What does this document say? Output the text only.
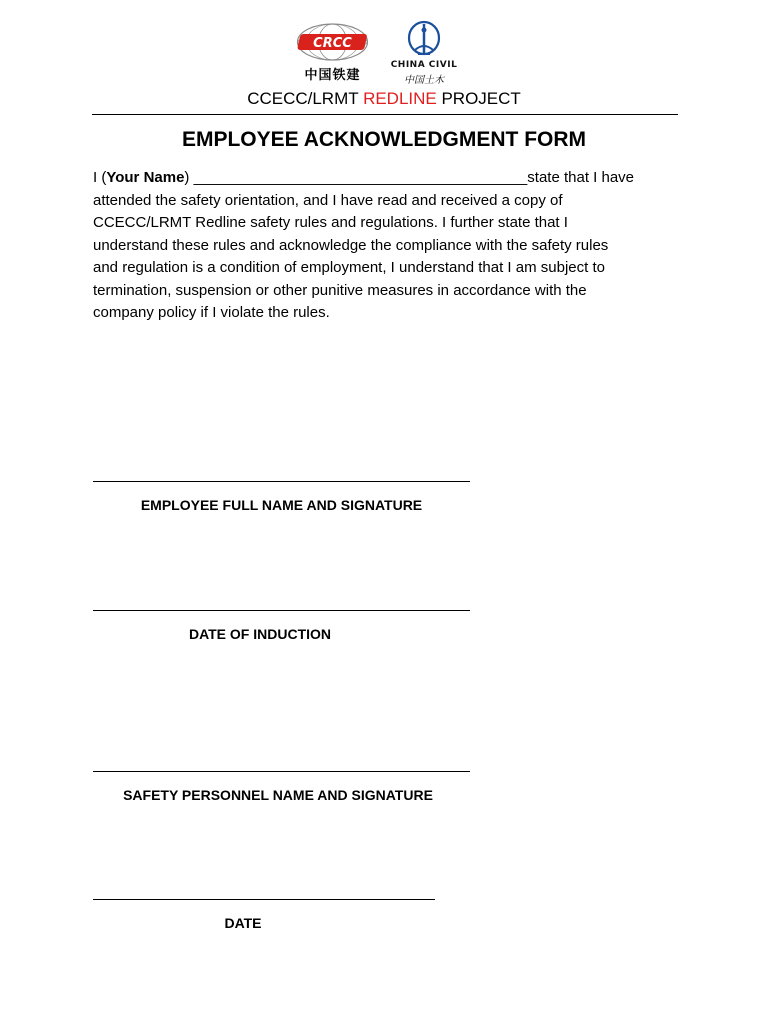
CRCC
中国铁建
CHINA CIVIL
中国土木
CCECC/LRMT REDLINE PROJECT
EMPLOYEE ACKNOWLEDGMENT FORM
I (Your Name) ________________________________________state that I have
attended the safety orientation, and I have read and received a copy of
CCECC/LRMT Redline safety rules and regulations. I further state that I
understand these rules and acknowledge the compliance with the safety rules
and regulation is a condition of employment, I understand that I am subject to
termination, suspension or other punitive measures in accordance with the
company policy if I violate the rules.
EMPLOYEE FULL NAME AND SIGNATURE
DATE OF INDUCTION
SAFETY PERSONNEL NAME AND SIGNATURE
DATE
